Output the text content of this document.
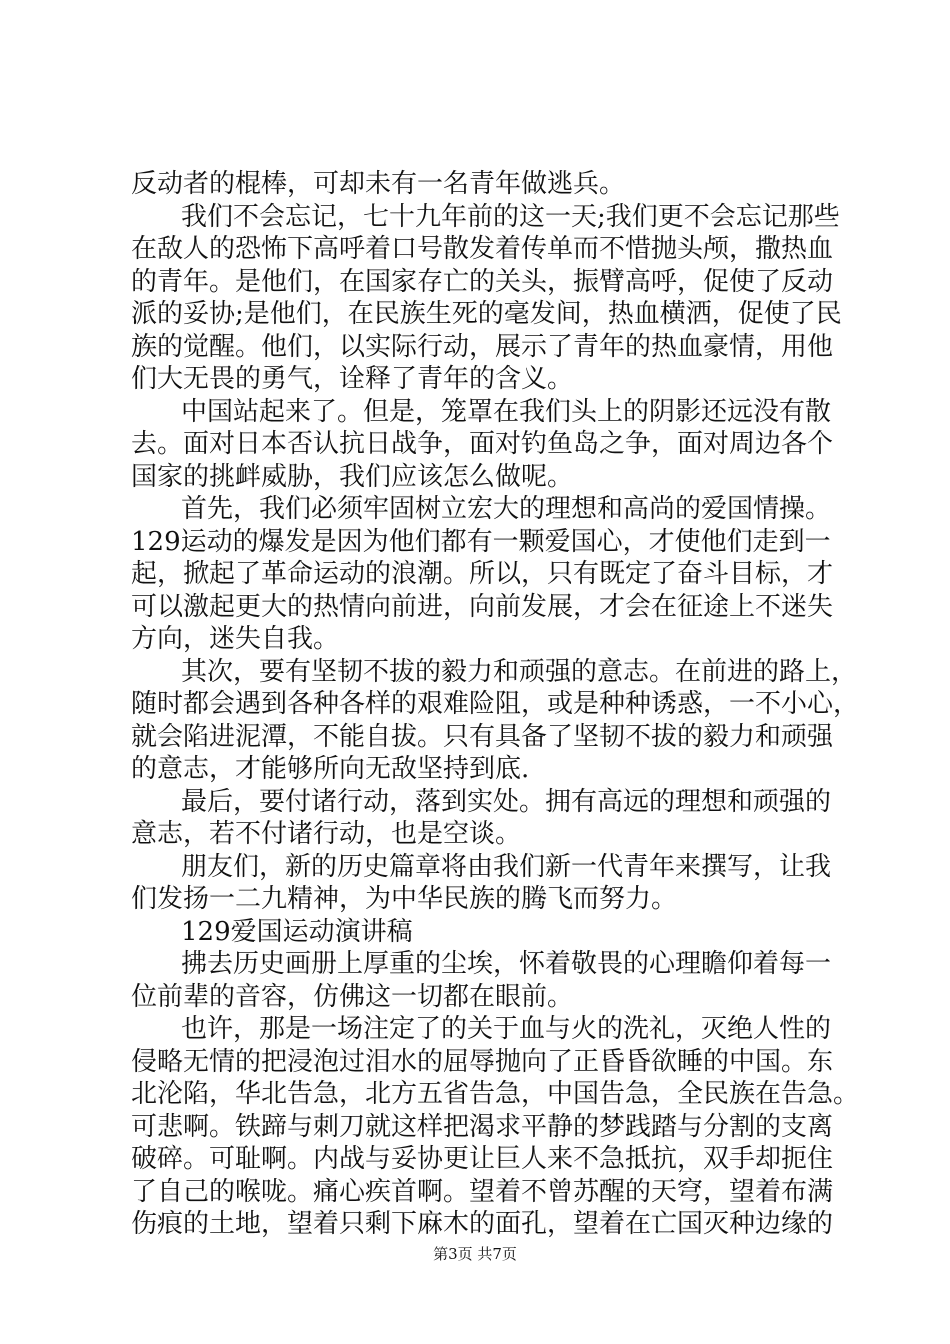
反动者的棍棒，可却未有一名青年做逃兵。
我们不会忘记，七十九年前的这一天;我们更不会忘记那些
在敌人的恐怖下高呼着口号散发着传单而不惜抛头颅，撒热血
的青年。是他们，在国家存亡的关头，振臂高呼，促使了反动
派的妥协;是他们，在民族生死的毫发间，热血横洒，促使了民
族的觉醒。他们，以实际行动，展示了青年的热血豪情，用他
们大无畏的勇气，诠释了青年的含义。
中国站起来了。但是，笼罩在我们头上的阴影还远没有散
去。面对日本否认抗日战争，面对钓鱼岛之争，面对周边各个
国家的挑衅威胁，我们应该怎么做呢。
首先，我们必须牢固树立宏大的理想和高尚的爱国情操。
129运动的爆发是因为他们都有一颗爱国心，才使他们走到一
起，掀起了革命运动的浪潮。所以，只有既定了奋斗目标，才
可以激起更大的热情向前进，向前发展，才会在征途上不迷失
方向，迷失自我。
其次，要有坚韧不拔的毅力和顽强的意志。在前进的路上，
随时都会遇到各种各样的艰难险阻，或是种种诱惑，一不小心，
就会陷进泥潭，不能自拔。只有具备了坚韧不拔的毅力和顽强
的意志，才能够所向无敌坚持到底.
最后，要付诸行动，落到实处。拥有高远的理想和顽强的
意志，若不付诸行动，也是空谈。
朋友们，新的历史篇章将由我们新一代青年来撰写，让我
们发扬一二九精神，为中华民族的腾飞而努力。
129爱国运动演讲稿
拂去历史画册上厚重的尘埃，怀着敬畏的心理瞻仰着每一
位前辈的音容，仿佛这一切都在眼前。
也许，那是一场注定了的关于血与火的洗礼，灭绝人性的
侵略无情的把浸泡过泪水的屈辱抛向了正昏昏欲睡的中国。东
北沦陷，华北告急，北方五省告急，中国告急，全民族在告急。
可悲啊。铁蹄与刺刀就这样把渴求平静的梦践踏与分割的支离
破碎。可耻啊。内战与妥协更让巨人来不急抵抗，双手却扼住
了自己的喉咙。痛心疾首啊。望着不曾苏醒的天穹，望着布满
伤痕的土地，望着只剩下麻木的面孔，望着在亡国灭种边缘的
第3页 共7页
